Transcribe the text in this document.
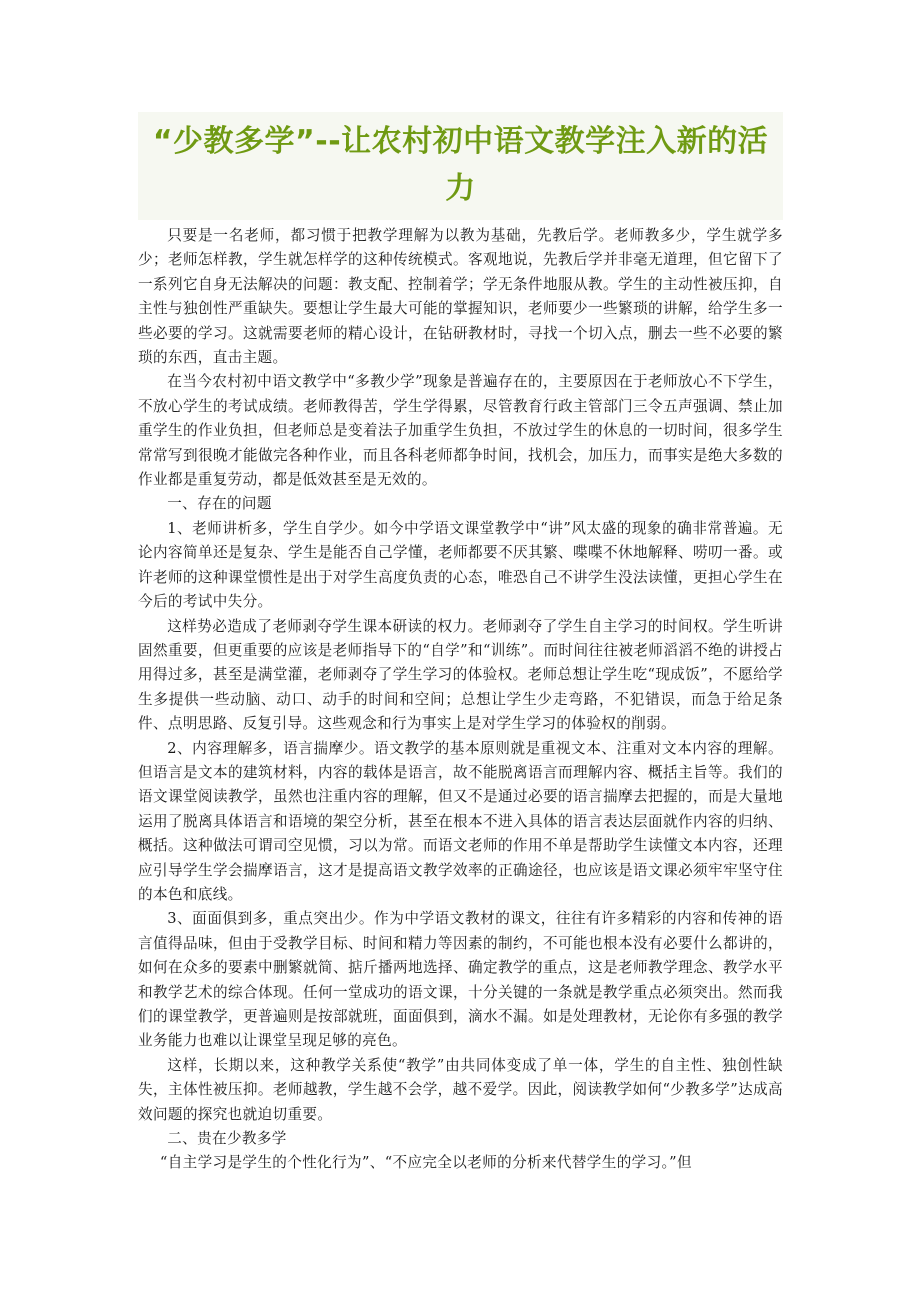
“少教多学”--让农村初中语文教学注入新的活力

只要是一名老师，都习惯于把教学理解为以教为基础，先教后学。老师教多少，学生就学多少；老师怎样教，学生就怎样学的这种传统模式。客观地说，先教后学并非毫无道理，但它留下了一系列它自身无法解决的问题：教支配、控制着学；学无条件地服从教。学生的主动性被压抑，自主性与独创性严重缺失。要想让学生最大可能的掌握知识，老师要少一些繁琐的讲解，给学生多一些必要的学习。这就需要老师的精心设计，在钻研教材时，寻找一个切入点，删去一些不必要的繁琐的东西，直击主题。

在当今农村初中语文教学中“多教少学”现象是普遍存在的，主要原因在于老师放心不下学生，不放心学生的考试成绩。老师教得苦，学生学得累，尽管教育行政主管部门三令五声强调、禁止加重学生的作业负担，但老师总是变着法子加重学生负担，不放过学生的休息的一切时间，很多学生常常写到很晚才能做完各种作业，而且各科老师都争时间，找机会，加压力，而事实是绝大多数的作业都是重复劳动，都是低效甚至是无效的。

一、存在的问题

1、老师讲析多，学生自学少。如今中学语文课堂教学中“讲”风太盛的现象的确非常普遍。无论内容简单还是复杂、学生是能否自己学懂，老师都要不厌其繁、喋喋不休地解释、唠叨一番。或许老师的这种课堂惯性是出于对学生高度负责的心态，唯恐自己不讲学生没法读懂，更担心学生在今后的考试中失分。

这样势必造成了老师剥夺学生课本研读的权力。老师剥夺了学生自主学习的时间权。学生听讲固然重要，但更重要的应该是老师指导下的“自学”和“训练”。而时间往往被老师滔滔不绝的讲授占用得过多，甚至是满堂灌，老师剥夺了学生学习的体验权。老师总想让学生吃“现成饭”，不愿给学生多提供一些动脑、动口、动手的时间和空间；总想让学生少走弯路，不犯错误，而急于给足条件、点明思路、反复引导。这些观念和行为事实上是对学生学习的体验权的削弱。

2、内容理解多，语言揣摩少。语文教学的基本原则就是重视文本、注重对文本内容的理解。但语言是文本的建筑材料，内容的载体是语言，故不能脱离语言而理解内容、概括主旨等。我们的语文课堂阅读教学，虽然也注重内容的理解，但又不是通过必要的语言揣摩去把握的，而是大量地运用了脱离具体语言和语境的架空分析，甚至在根本不进入具体的语言表达层面就作内容的归纳、概括。这种做法可谓司空见惯，习以为常。而语文老师的作用不单是帮助学生读懂文本内容，还理应引导学生学会揣摩语言，这才是提高语文教学效率的正确途径，也应该是语文课必须牢牢坚守住的本色和底线。

3、面面俱到多，重点突出少。作为中学语文教材的课文，往往有许多精彩的内容和传神的语言值得品味，但由于受教学目标、时间和精力等因素的制约，不可能也根本没有必要什么都讲的，如何在众多的要素中删繁就简、掂斤播两地选择、确定教学的重点，这是老师教学理念、教学水平和教学艺术的综合体现。任何一堂成功的语文课，十分关键的一条就是教学重点必须突出。然而我们的课堂教学，更普遍则是按部就班，面面俱到，滴水不漏。如是处理教材，无论你有多强的教学业务能力也难以让课堂呈现足够的亮色。

这样，长期以来，这种教学关系使“教学”由共同体变成了单一体，学生的自主性、独创性缺失，主体性被压抑。老师越教，学生越不会学，越不爱学。因此，阅读教学如何“少教多学”达成高效问题的探究也就迫切重要。

二、贵在少教多学

“自主学习是学生的个性化行为”、“不应完全以老师的分析来代替学生的学习。”但
